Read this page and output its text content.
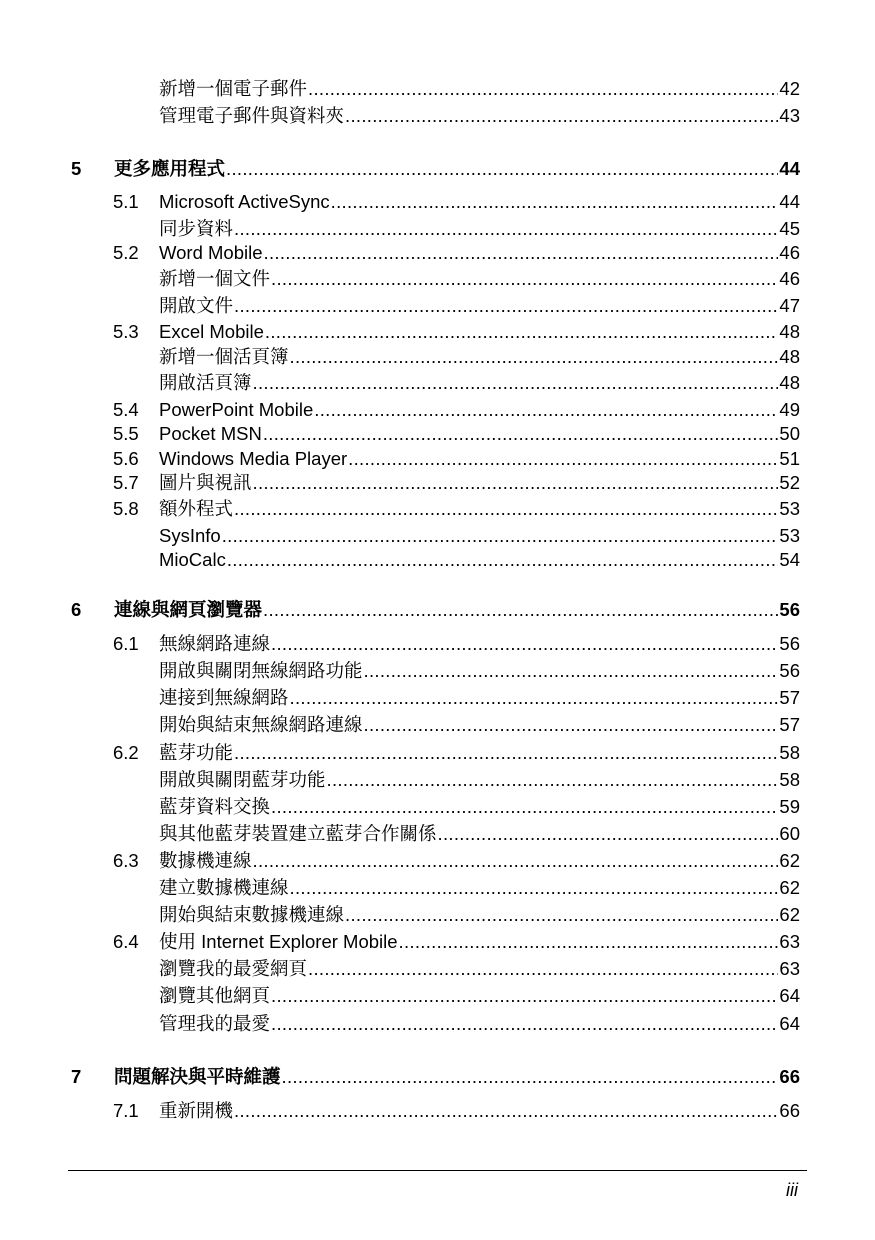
新增一個電子郵件 .....	42
管理電子郵件與資料夾 .....	43
5 更多應用程式 .....	44
5.1 Microsoft ActiveSync .....	44
同步資料 .....	45
5.2 Word Mobile .....	46
新增一個文件 .....	46
開啟文件 .....	47
5.3 Excel Mobile .....	48
新增一個活頁簿 .....	48
開啟活頁簿 .....	48
5.4 PowerPoint Mobile .....	49
5.5 Pocket MSN .....	50
5.6 Windows Media Player .....	51
5.7 圖片與視訊 .....	52
5.8 額外程式 .....	53
SysInfo .....	53
MioCalc .....	54
6 連線與網頁瀏覽器 .....	56
6.1 無線網路連線 .....	56
開啟與關閉無線網路功能 .....	56
連接到無線網路 .....	57
開始與結束無線網路連線 .....	57
6.2 藍芽功能 .....	58
開啟與關閉藍芽功能 .....	58
藍芽資料交換 .....	59
與其他藍芽裝置建立藍芽合作關係 .....	60
6.3 數據機連線 .....	62
建立數據機連線 .....	62
開始與結束數據機連線 .....	62
6.4 使用 Internet Explorer Mobile .....	63
瀏覽我的最愛網頁 .....	63
瀏覽其他網頁 .....	64
管理我的最愛 .....	64
7 問題解決與平時維護 .....	66
7.1 重新開機 .....	66
iii
